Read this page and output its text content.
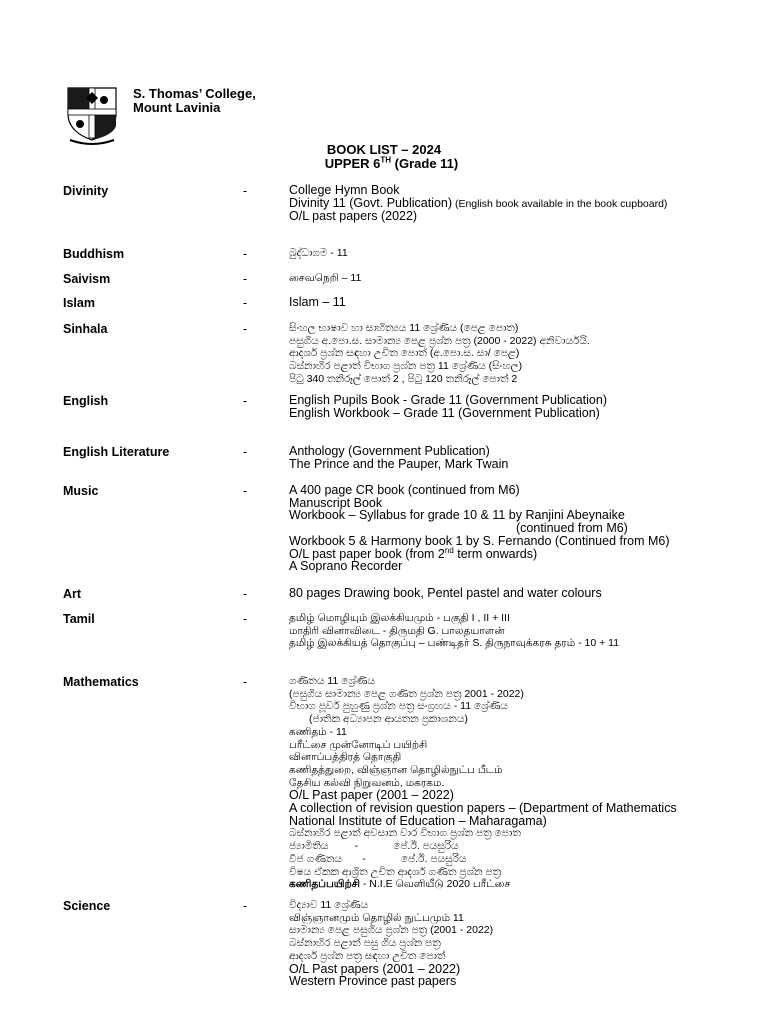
S. Thomas’ College,
Mount Lavinia
BOOK LIST – 2024
UPPER 6TH (Grade 11)
Divinity	-	College Hymn Book
Divinity 11 (Govt. Publication) (English book available in the book cupboard)
O/L past papers (2022)
Buddhism	-	බුද්ධාගම - 11
Saivism	-	சைவநெறி – 11
Islam	-	Islam – 11
Sinhala	-	සිංහල භාෂාව හා සාහිත්‍යය 11 ශ්‍රේණිය (පෙළ පොත)
පසුගිය අ.පො.ස. සාමාන්‍ය පෙළ ප්‍රශ්න පත්‍ර (2000 - 2022) අනිවාර්යයි.
ආදර්ශ ප්‍රශ්න සඳහා උචිත පොත් (අ.පො.ස. සා/ පෙළ)
බස්නාහිර පළාත් විභාග ප්‍රශ්න පත්‍ර 11 ශ්‍රේණිය (සිංහල)
පිටු 340 තනිරූල් පොත් 2 , පිටු 120 තනිරූල් පොත් 2
English	-	English Pupils Book - Grade 11 (Government Publication)
English Workbook – Grade 11 (Government Publication)
English Literature	-	Anthology (Government Publication)
The Prince and the Pauper, Mark Twain
Music	-	A 400 page CR book (continued from M6)
Manuscript Book
Workbook – Syllabus for grade 10 & 11 by Ranjini Abeynaike
(continued from M6)
Workbook 5 & Harmony book 1 by S. Fernando (Continued from M6)
O/L past paper book (from 2nd term onwards)
A Soprano Recorder
Art	-	80 pages Drawing book, Pentel pastel and water colours
Tamil	-	தமிழ் மொழியும் இலக்கியமும் - பகுதி I , II + III
மாதிரி வினாவிடை - திருமதி G. பாலதயாளன்
தமிழ் இலக்கியத் தொகுப்பு – பண்டிதர் S. திருநாவுக்கரசு தரம் - 10 + 11
Mathematics	-	ගණිතය 11 ශ්‍රේණිය
(පසුගිය සාමාන්‍ය පෙළ ගණිත ප්‍රශ්න පත්‍ර 2001 - 2022)
විභාග පූර්ව පුහුණු ප්‍රශ්න පත්‍ර සංග්‍රහය - 11 ශ්‍රේණිය
(ජාතික අධ්‍යාපන ආයතන ප්‍රකාශනය)
கணிதம் - 11
பரீட்சை முன்னோடிப் பயிற்சி
வினாப்பத்திரத் தொகுதி
கணிதத்துறை, விஞ்ஞான தொழில்நுட்ப பீடம்
தேசிய கல்வி நிறுவனம், மகரகம.
O/L Past paper (2001 – 2022)
A collection of revision question papers – (Department of Mathematics
National Institute of Education – Maharagama)
බස්නාහිර පළාත් අවසාන වාර විභාග ප්‍රශ්න පත්‍ර පොත
ජ්‍යාමිතිය         -            පේ.ඊ. පයසුරිය
වීජ ගණිතය       -            පේ.ඊ. පයසුරිය
විෂය ඒකක ආශ්‍රිත උචිත ආදර්ශ ගණිත ප්‍රශ්න පත්‍ර
கணிதப்பயிற்சி - N.I.E வெளியீடு 2020 பரீட்சை
Science	-	විද්‍යාව 11 ශ්‍රේණිය
விஞ்ஞானமும் தொழில் நுட்பமும் 11
සාමාන්‍ය පෙළ පසුගිය ප්‍රශ්න පත්‍ර (2001 - 2022)
බස්නාහිර පළාත් පසු ගිය ප්‍රශ්න පත්‍ර
ආදර්ශ ප්‍රශ්න පත්‍ර සඳහා උචිත පොත්
O/L Past papers (2001 – 2022)
Western Province past papers
